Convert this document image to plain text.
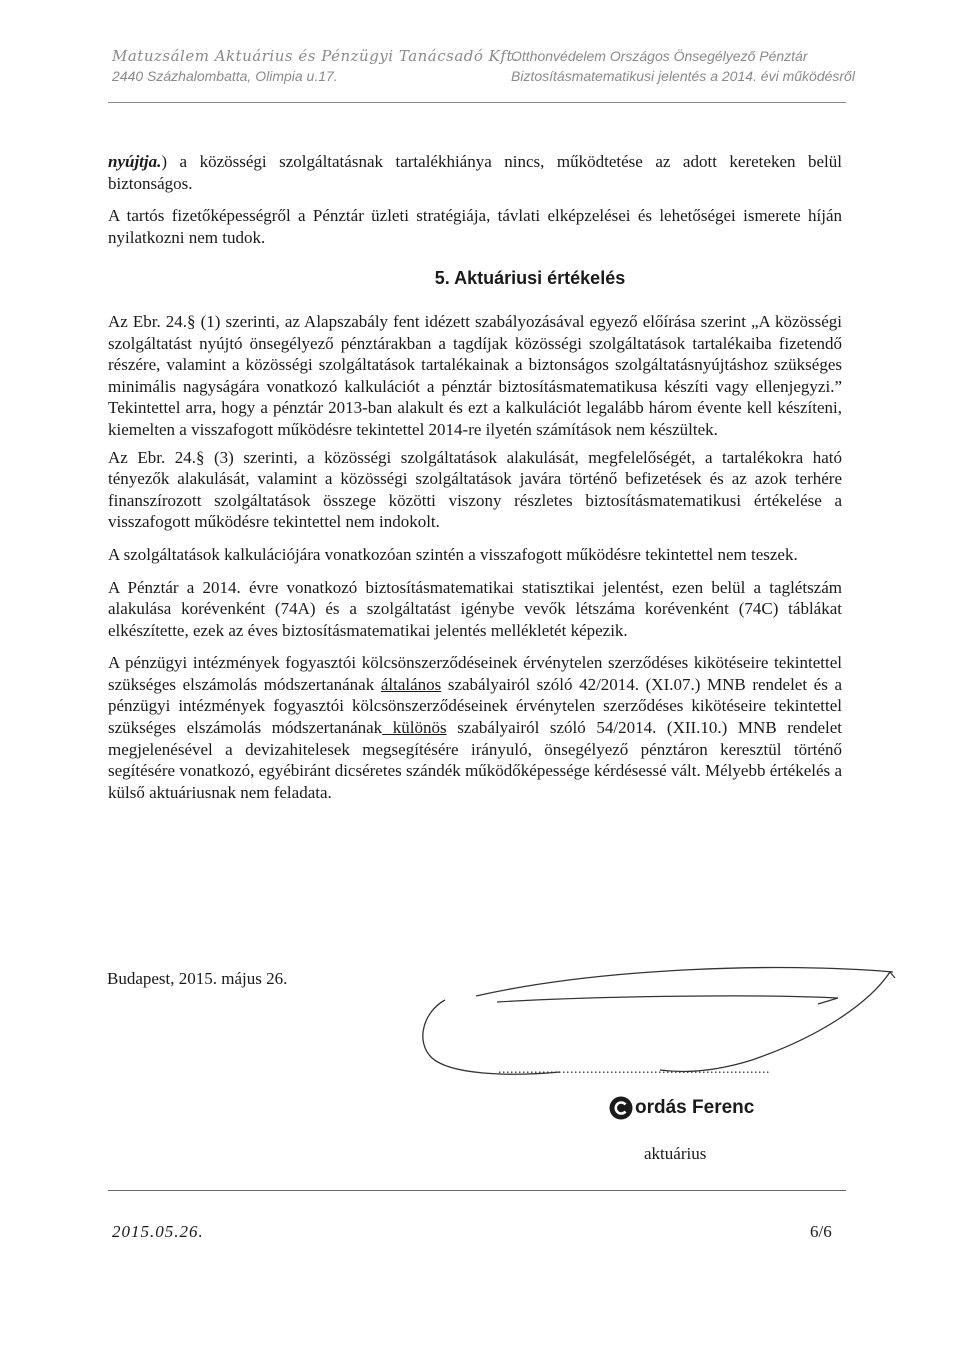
Matuzsálem Aktuárius és Pénzügyi Tanácsadó Kft.
2440 Százhalombatta, Olimpia u.17.
Otthonvédelem Országos Önsegélyező Pénztár
Biztosításmatematikusi jelentés a 2014. évi működésről

nyújtja.) a közösségi szolgáltatásnak tartalékhiánya nincs, működtetése az adott kereteken belül biztonságos.

A tartós fizetőképességről a Pénztár üzleti stratégiája, távlati elképzelései és lehetőségei ismerete híján nyilatkozni nem tudok.

5. Aktuáriusi értékelés

Az Ebr. 24.§ (1) szerinti, az Alapszabály fent idézett szabályozásával egyező előírása szerint „A közösségi szolgáltatást nyújtó önsegélyező pénztárakban a tagdíjak közösségi szolgáltatások tartalékaiba fizetendő részére, valamint a közösségi szolgáltatások tartalékainak a biztonságos szolgáltatásnyújtáshoz szükséges minimális nagyságára vonatkozó kalkulációt a pénztár biztosításmatematikusa készíti vagy ellenjegyzi.” Tekintettel arra, hogy a pénztár 2013-ban alakult és ezt a kalkulációt legalább három évente kell készíteni, kiemelten a visszafogott működésre tekintettel 2014-re ilyetén számítások nem készültek.

Az Ebr. 24.§ (3) szerinti, a közösségi szolgáltatások alakulását, megfelelőségét, a tartalékokra ható tényezők alakulását, valamint a közösségi szolgáltatások javára történő befizetések és az azok terhére finanszírozott szolgáltatások összege közötti viszony részletes biztosításmatematikusi értékelése a visszafogott működésre tekintettel nem indokolt.

A szolgáltatások kalkulációjára vonatkozóan szintén a visszafogott működésre tekintettel nem teszek.

A Pénztár a 2014. évre vonatkozó biztosításmatematikai statisztikai jelentést, ezen belül a taglétszám alakulása korévenként (74A) és a szolgáltatást igénybe vevők létszáma korévenként (74C) táblákat elkészítette, ezek az éves biztosításmatematikai jelentés mellékletét képezik.

A pénzügyi intézmények fogyasztói kölcsönszerződéseinek érvénytelen szerződéses kikötéseire tekintettel szükséges elszámolás módszertanának általános szabályairól szóló 42/2014. (XI.07.) MNB rendelet és a pénzügyi intézmények fogyasztói kölcsönszerződéseinek érvénytelen szerződéses kikötéseire tekintettel szükséges elszámolás módszertanának különös szabályairól szóló 54/2014. (XII.10.) MNB rendelet megjelenésével a devizahitelesek megsegítésére irányuló, önsegélyező pénztáron keresztül történő segítésére vonatkozó, egyébiránt dicséretes szándék működőképessége kérdésessé vált. Mélyebb értékelés a külső aktuáriusnak nem feladata.

Budapest, 2015. május 26.
....................................................................
ordás Ferenc
aktuárius
2015.05.26.	6/6
